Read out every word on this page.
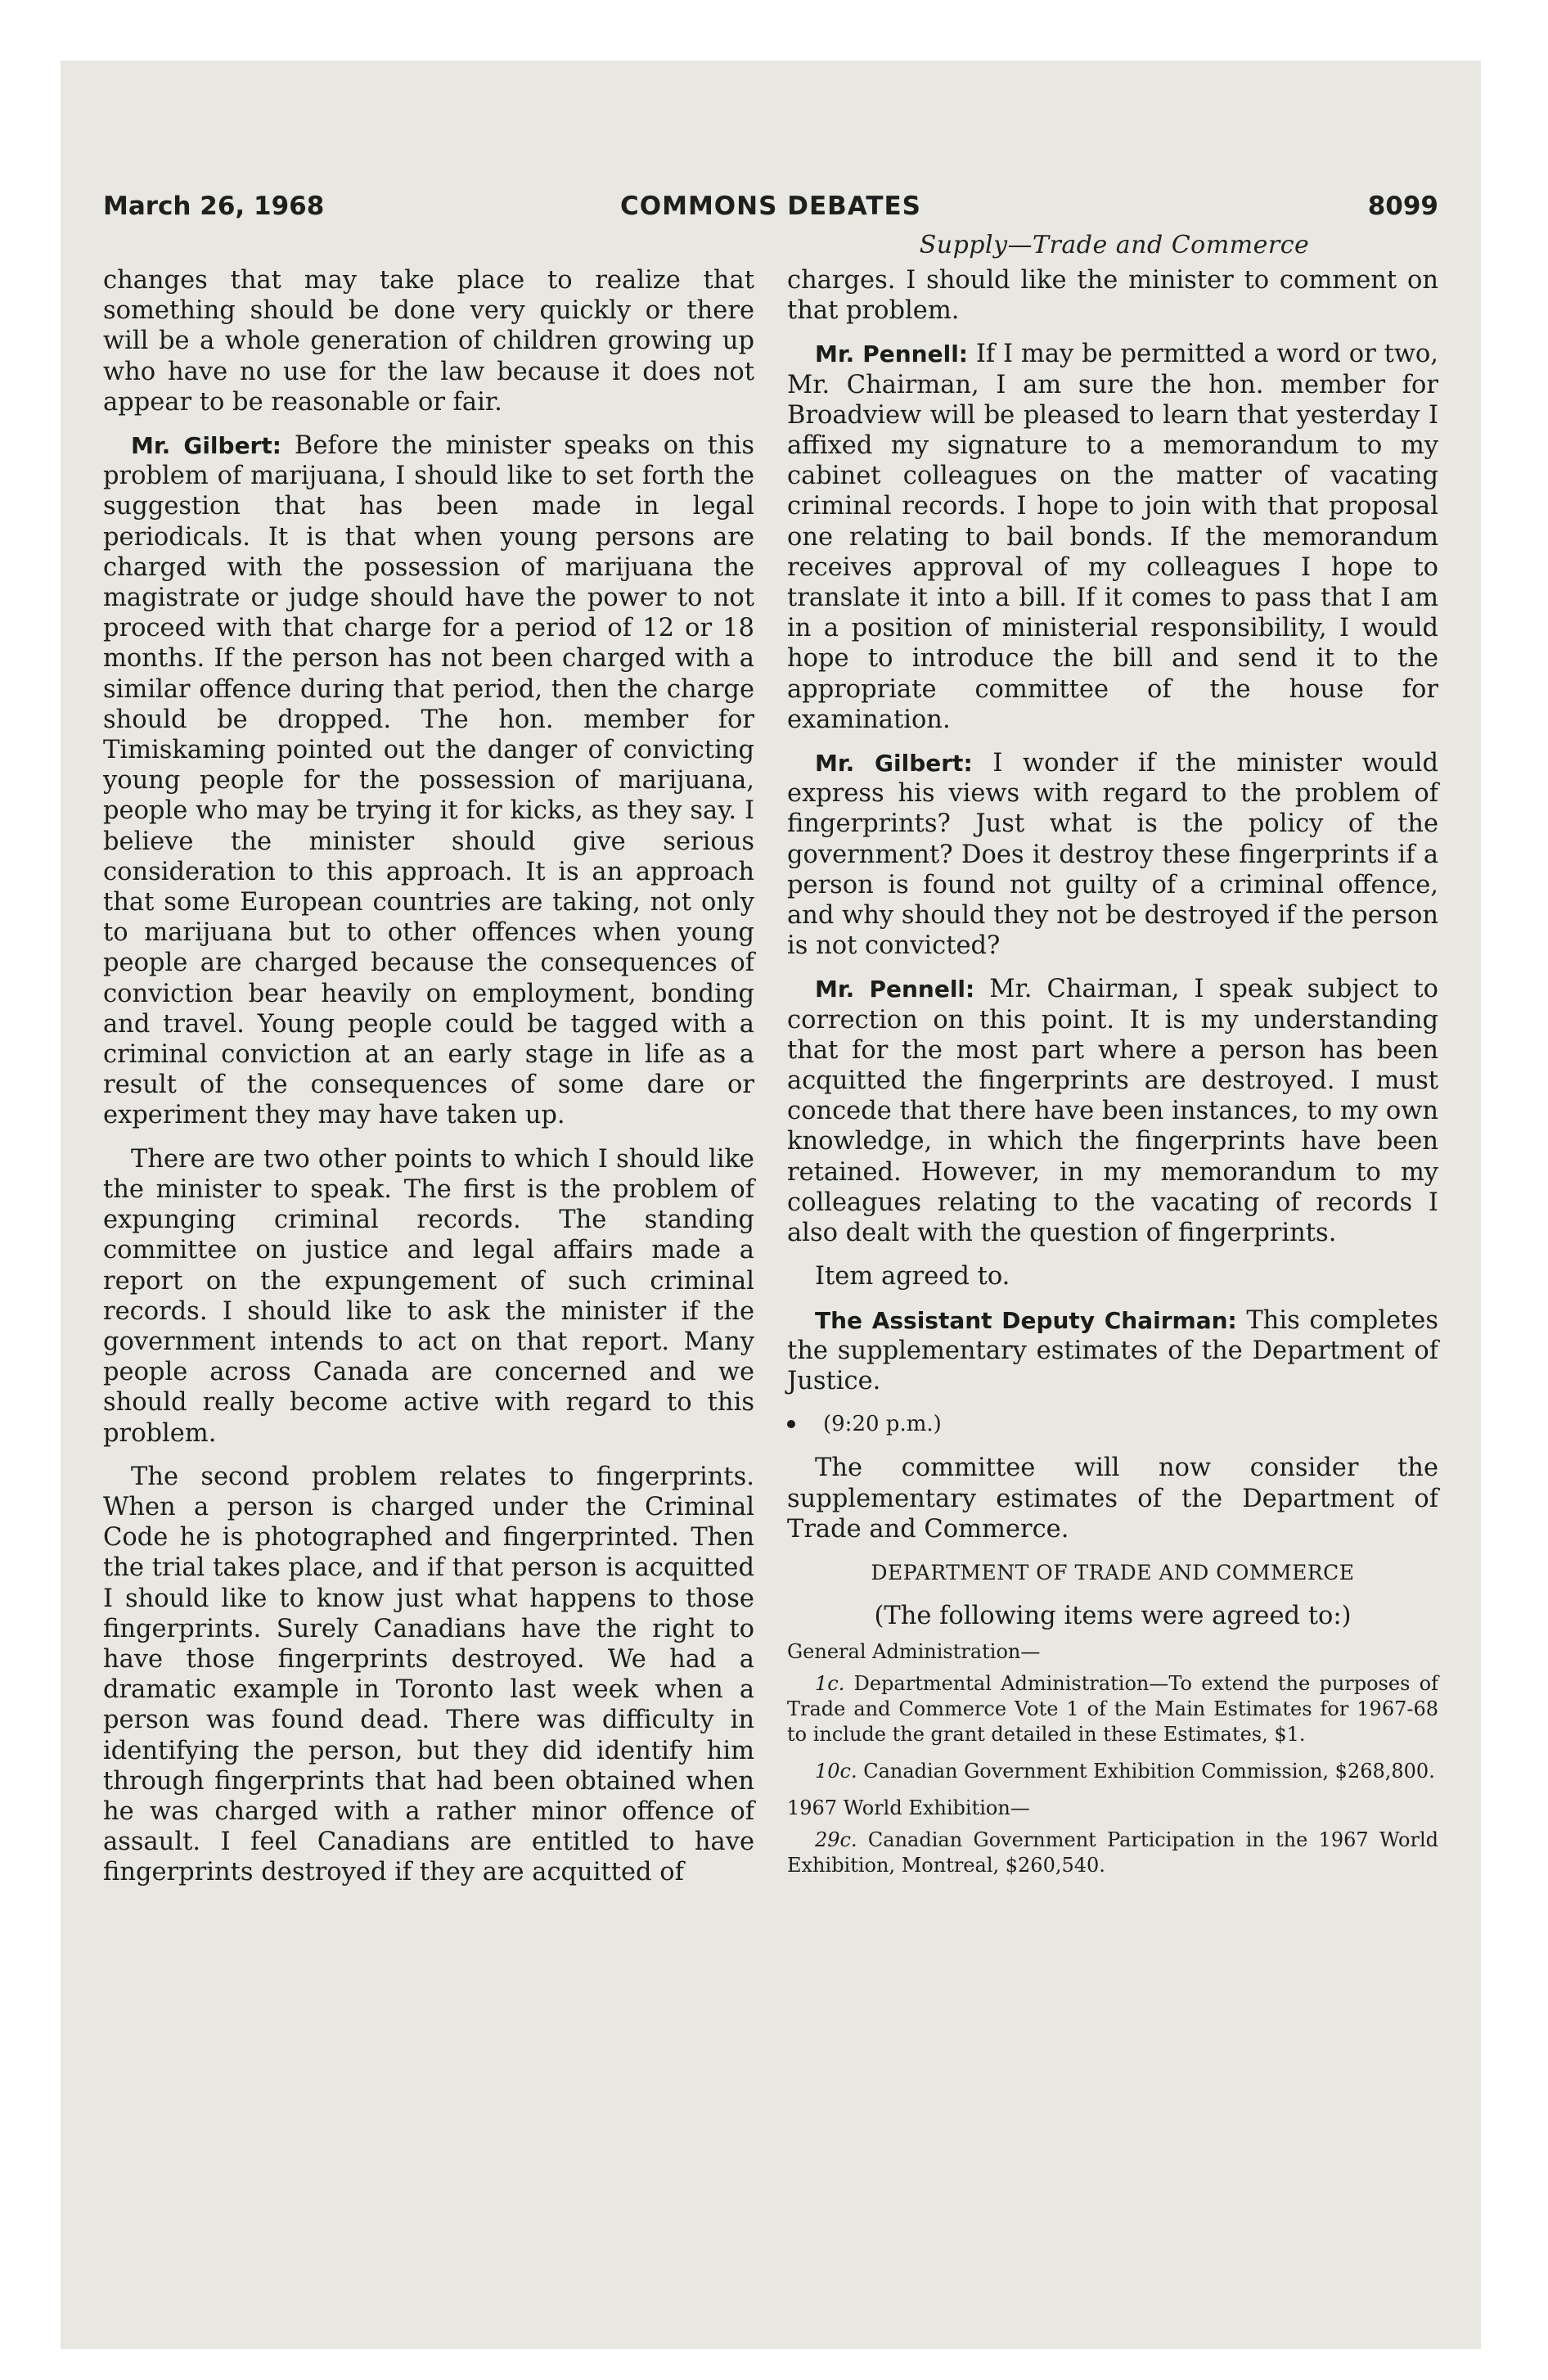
March 26, 1968	COMMONS DEBATES	8099
Supply—Trade and Commerce

changes that may take place to realize that something should be done very quickly or there will be a whole generation of children growing up who have no use for the law because it does not appear to be reasonable or fair.

Mr. Gilbert: Before the minister speaks on this problem of marijuana, I should like to set forth the suggestion that has been made in legal periodicals. It is that when young persons are charged with the possession of marijuana the magistrate or judge should have the power to not proceed with that charge for a period of 12 or 18 months. If the person has not been charged with a similar offence during that period, then the charge should be dropped. The hon. member for Timiskaming pointed out the danger of convicting young people for the possession of marijuana, people who may be trying it for kicks, as they say. I believe the minister should give serious consideration to this approach. It is an approach that some European countries are taking, not only to marijuana but to other offences when young people are charged because the consequences of conviction bear heavily on employment, bonding and travel. Young people could be tagged with a criminal conviction at an early stage in life as a result of the consequences of some dare or experiment they may have taken up.

There are two other points to which I should like the minister to speak. The first is the problem of expunging criminal records. The standing committee on justice and legal affairs made a report on the expungement of such criminal records. I should like to ask the minister if the government intends to act on that report. Many people across Canada are concerned and we should really become active with regard to this problem.

The second problem relates to fingerprints. When a person is charged under the Criminal Code he is photographed and fingerprinted. Then the trial takes place, and if that person is acquitted I should like to know just what happens to those fingerprints. Surely Canadians have the right to have those fingerprints destroyed. We had a dramatic example in Toronto last week when a person was found dead. There was difficulty in identifying the person, but they did identify him through fingerprints that had been obtained when he was charged with a rather minor offence of assault. I feel Canadians are entitled to have fingerprints destroyed if they are acquitted of

charges. I should like the minister to comment on that problem.

Mr. Pennell: If I may be permitted a word or two, Mr. Chairman, I am sure the hon. member for Broadview will be pleased to learn that yesterday I affixed my signature to a memorandum to my cabinet colleagues on the matter of vacating criminal records. I hope to join with that proposal one relating to bail bonds. If the memorandum receives approval of my colleagues I hope to translate it into a bill. If it comes to pass that I am in a position of ministerial responsibility, I would hope to introduce the bill and send it to the appropriate committee of the house for examination.

Mr. Gilbert: I wonder if the minister would express his views with regard to the problem of fingerprints? Just what is the policy of the government? Does it destroy these fingerprints if a person is found not guilty of a criminal offence, and why should they not be destroyed if the person is not convicted?

Mr. Pennell: Mr. Chairman, I speak subject to correction on this point. It is my understanding that for the most part where a person has been acquitted the fingerprints are destroyed. I must concede that there have been instances, to my own knowledge, in which the fingerprints have been retained. However, in my memorandum to my colleagues relating to the vacating of records I also dealt with the question of fingerprints.

Item agreed to.

The Assistant Deputy Chairman: This completes the supplementary estimates of the Department of Justice.

(9:20 p.m.)

The committee will now consider the supplementary estimates of the Department of Trade and Commerce.

DEPARTMENT OF TRADE AND COMMERCE
(The following items were agreed to:)
General Administration—
1c. Departmental Administration—To extend the purposes of Trade and Commerce Vote 1 of the Main Estimates for 1967-68 to include the grant detailed in these Estimates, $1.
10c. Canadian Government Exhibition Commission, $268,800.
1967 World Exhibition—
29c. Canadian Government Participation in the 1967 World Exhibition, Montreal, $260,540.
